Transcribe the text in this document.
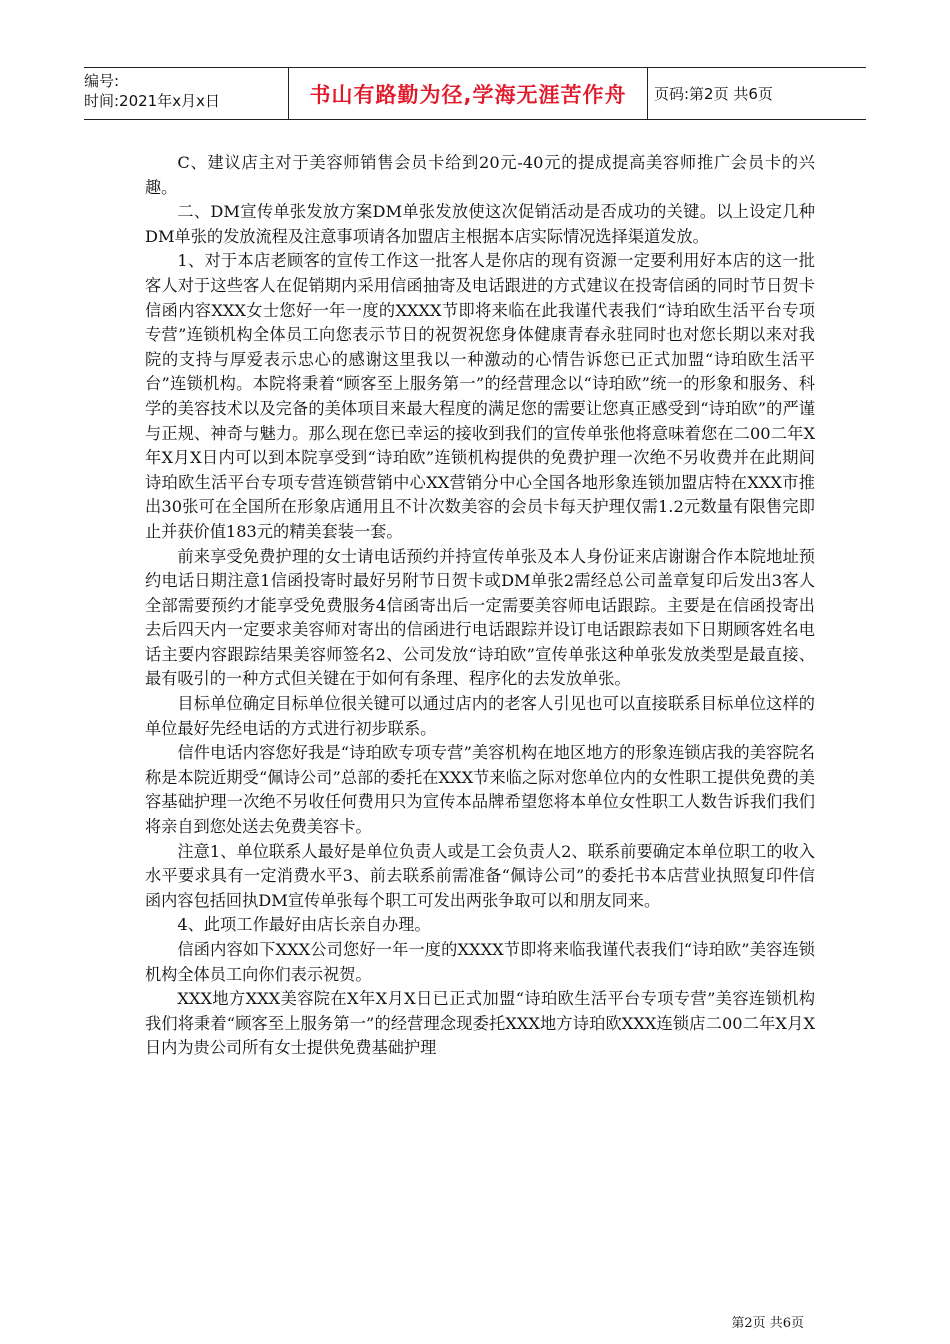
编号:
时间:2021年x月x日	书山有路勤为径,学海无涯苦作舟	页码:第2页 共6页

C、建议店主对于美容师销售会员卡给到20元-40元的提成提高美容师推广会员卡的兴趣。

二、DM宣传单张发放方案DM单张发放使这次促销活动是否成功的关键。以上设定几种DM单张的发放流程及注意事项请各加盟店主根据本店实际情况选择渠道发放。

1、对于本店老顾客的宣传工作这一批客人是你店的现有资源一定要利用好本店的这一批客人对于这些客人在促销期内采用信函抽寄及电话跟进的方式建议在投寄信函的同时节日贺卡信函内容XXX女士您好一年一度的XXXX节即将来临在此我谨代表我们“诗珀欧生活平台专项专营”连锁机构全体员工向您表示节日的祝贺祝您身体健康青春永驻同时也对您长期以来对我院的支持与厚爱表示忠心的感谢这里我以一种激动的心情告诉您已正式加盟“诗珀欧生活平台”连锁机构。本院将秉着“顾客至上服务第一”的经营理念以“诗珀欧”统一的形象和服务、科学的美容技术以及完备的美体项目来最大程度的满足您的需要让您真正感受到“诗珀欧”的严谨与正规、神奇与魅力。那么现在您已幸运的接收到我们的宣传单张他将意味着您在二00二年X年X月X日内可以到本院享受到“诗珀欧”连锁机构提供的免费护理一次绝不另收费并在此期间诗珀欧生活平台专项专营连锁营销中心XX营销分中心全国各地形象连锁加盟店特在XXX市推出30张可在全国所在形象店通用且不计次数美容的会员卡每天护理仅需1.2元数量有限售完即止并获价值183元的精美套装一套。

前来享受免费护理的女士请电话预约并持宣传单张及本人身份证来店谢谢合作本院地址预约电话日期注意1信函投寄时最好另附节日贺卡或DM单张2需经总公司盖章复印后发出3客人全部需要预约才能享受免费服务4信函寄出后一定需要美容师电话跟踪。主要是在信函投寄出去后四天内一定要求美容师对寄出的信函进行电话跟踪并设订电话跟踪表如下日期顾客姓名电话主要内容跟踪结果美容师签名2、公司发放“诗珀欧”宣传单张这种单张发放类型是最直接、最有吸引的一种方式但关键在于如何有条理、程序化的去发放单张。

目标单位确定目标单位很关键可以通过店内的老客人引见也可以直接联系目标单位这样的单位最好先经电话的方式进行初步联系。

信件电话内容您好我是“诗珀欧专项专营”美容机构在地区地方的形象连锁店我的美容院名称是本院近期受“佩诗公司”总部的委托在XXX节来临之际对您单位内的女性职工提供免费的美容基础护理一次绝不另收任何费用只为宣传本品牌希望您将本单位女性职工人数告诉我们我们将亲自到您处送去免费美容卡。

注意1、单位联系人最好是单位负责人或是工会负责人2、联系前要确定本单位职工的收入水平要求具有一定消费水平3、前去联系前需准备“佩诗公司”的委托书本店营业执照复印件信函内容包括回执DM宣传单张每个职工可发出两张争取可以和朋友同来。

4、此项工作最好由店长亲自办理。

信函内容如下XXX公司您好一年一度的XXXX节即将来临我谨代表我们“诗珀欧”美容连锁机构全体员工向你们表示祝贺。

XXX地方XXX美容院在X年X月X日已正式加盟“诗珀欧生活平台专项专营”美容连锁机构我们将秉着“顾客至上服务第一”的经营理念现委托XXX地方诗珀欧XXX连锁店二00二年X月X日内为贵公司所有女士提供免费基础护理

第2页 共6页
